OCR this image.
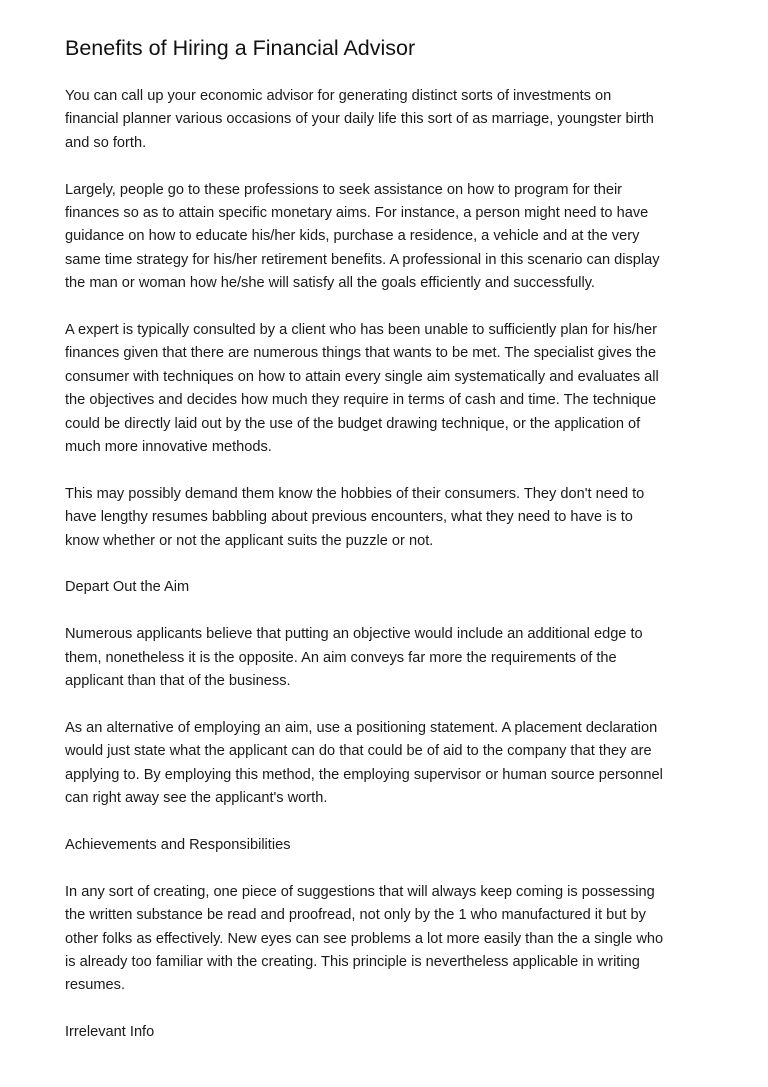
Benefits of Hiring a Financial Advisor
You can call up your economic advisor for generating distinct sorts of investments on
financial planner various occasions of your daily life this sort of as marriage, youngster birth
and so forth.
Largely, people go to these professions to seek assistance on how to program for their
finances so as to attain specific monetary aims. For instance, a person might need to have
guidance on how to educate his/her kids, purchase a residence, a vehicle and at the very
same time strategy for his/her retirement benefits. A professional in this scenario can display
the man or woman how he/she will satisfy all the goals efficiently and successfully.
A expert is typically consulted by a client who has been unable to sufficiently plan for his/her
finances given that there are numerous things that wants to be met. The specialist gives the
consumer with techniques on how to attain every single aim systematically and evaluates all
the objectives and decides how much they require in terms of cash and time. The technique
could be directly laid out by the use of the budget drawing technique, or the application of
much more innovative methods.
This may possibly demand them know the hobbies of their consumers. They don't need to
have lengthy resumes babbling about previous encounters, what they need to have is to
know whether or not the applicant suits the puzzle or not.
Depart Out the Aim
Numerous applicants believe that putting an objective would include an additional edge to
them, nonetheless it is the opposite. An aim conveys far more the requirements of the
applicant than that of the business.
As an alternative of employing an aim, use a positioning statement. A placement declaration
would just state what the applicant can do that could be of aid to the company that they are
applying to. By employing this method, the employing supervisor or human source personnel
can right away see the applicant's worth.
Achievements and Responsibilities
In any sort of creating, one piece of suggestions that will always keep coming is possessing
the written substance be read and proofread, not only by the 1 who manufactured it but by
other folks as effectively. New eyes can see problems a lot more easily than the a single who
is already too familiar with the creating. This principle is nevertheless applicable in writing
resumes.
Irrelevant Info
